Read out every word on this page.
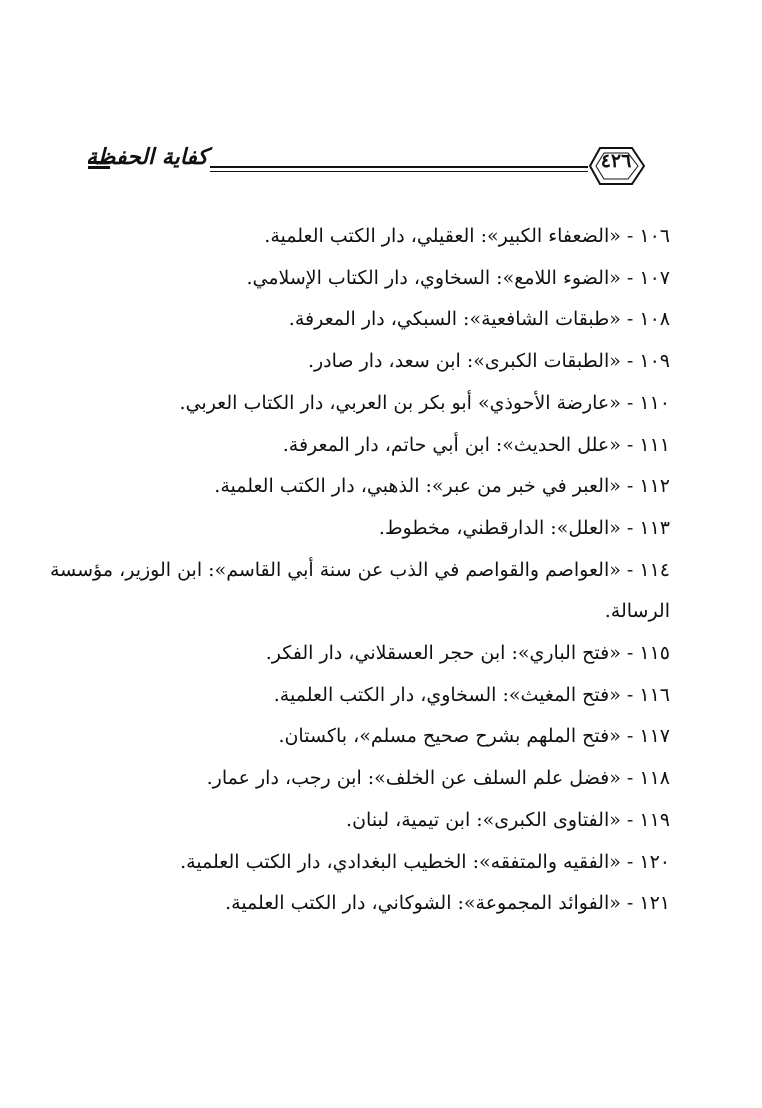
كفاية الحفظة	٤٢٦
١٠٦ - «الضعفاء الكبير»: العقيلي، دار الكتب العلمية.
١٠٧ - «الضوء اللامع»: السخاوي، دار الكتاب الإسلامي.
١٠٨ - «طبقات الشافعية»: السبكي، دار المعرفة.
١٠٩ - «الطبقات الكبرى»: ابن سعد، دار صادر.
١١٠ - «عارضة الأحوذي» أبو بكر بن العربي، دار الكتاب العربي.
١١١ - «علل الحديث»: ابن أبي حاتم، دار المعرفة.
١١٢ - «العبر في خبر من عبر»: الذهبي، دار الكتب العلمية.
١١٣ - «العلل»: الدارقطني، مخطوط.
١١٤ - «العواصم والقواصم في الذب عن سنة أبي القاسم»: ابن الوزير، مؤسسة الرسالة.
١١٥ - «فتح الباري»: ابن حجر العسقلاني، دار الفكر.
١١٦ - «فتح المغيث»: السخاوي، دار الكتب العلمية.
١١٧ - «فتح الملهم بشرح صحيح مسلم»، باكستان.
١١٨ - «فضل علم السلف عن الخلف»: ابن رجب، دار عمار.
١١٩ - «الفتاوى الكبرى»: ابن تيمية، لبنان.
١٢٠ - «الفقيه والمتفقه»: الخطيب البغدادي، دار الكتب العلمية.
١٢١ - «الفوائد المجموعة»: الشوكاني، دار الكتب العلمية.
